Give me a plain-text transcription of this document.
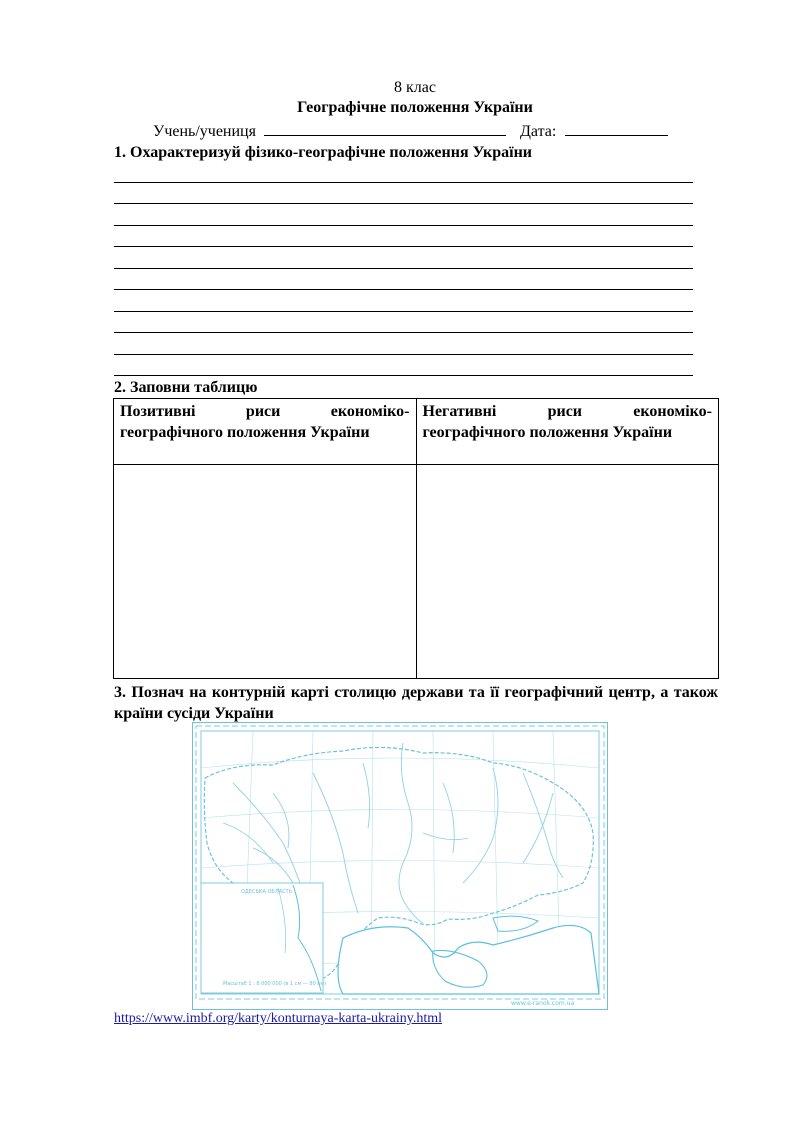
8 клас
Географічне положення України
Учень/учениця	Дата:
1. Охарактеризуй фізико-географічне положення України
2. Заповни таблицю
Позитивні риси економіко-географічного положення України	Негативні риси економіко-географічного положення України

3. Познач на контурній карті столицю держави та її географічний центр, а також країни сусіди України
ОДЕСЬКА ОБЛАСТЬ
Масштаб 1 : 8 000 000 (в 1 см — 80 км)
www.e-ranok.com.ua
https://www.imbf.org/karty/konturnaya-karta-ukrainy.html
